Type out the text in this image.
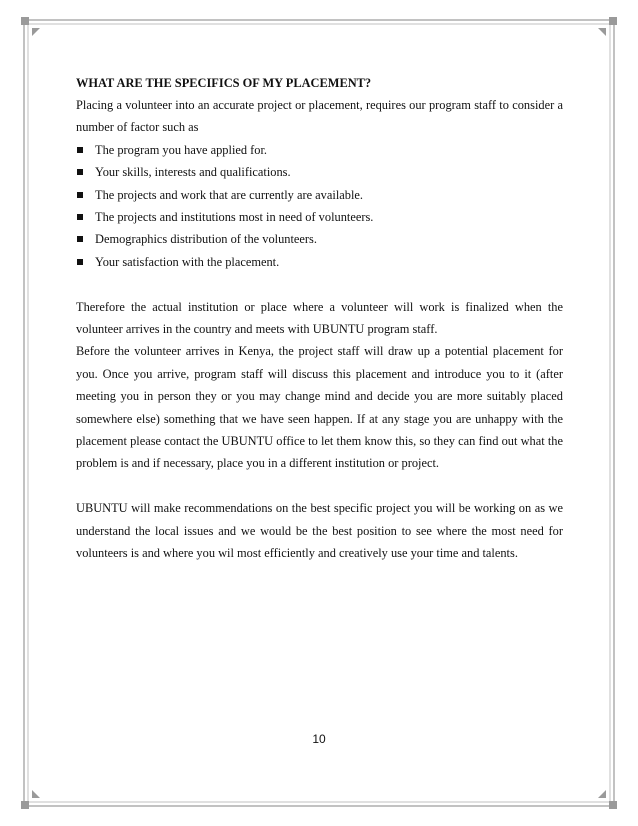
WHAT ARE THE SPECIFICS OF MY PLACEMENT?

Placing a volunteer into an accurate project or placement, requires our program staff to consider a number of factor such as

The program you have applied for.
Your skills, interests and qualifications.
The projects and work that are currently are available.
The projects and institutions most in need of volunteers.
Demographics distribution of the volunteers.
Your satisfaction with the placement.

Therefore the actual institution or place where a volunteer will work is finalized when the volunteer arrives in the country and meets with UBUNTU program staff.

Before the volunteer arrives in Kenya, the project staff will draw up a potential placement for you. Once you arrive, program staff will discuss this placement and introduce you to it (after meeting you in person they or you may change mind and decide you are more suitably placed somewhere else) something that we have seen happen. If at any stage you are unhappy with the placement please contact the UBUNTU office to let them know this, so they can find out what the problem is and if necessary, place you in a different institution or project.

UBUNTU will make recommendations on the best specific project you will be working on as we understand the local issues and we would be the best position to see where the most need for volunteers is and where you wil most efficiently and creatively use your time and talents.

10
